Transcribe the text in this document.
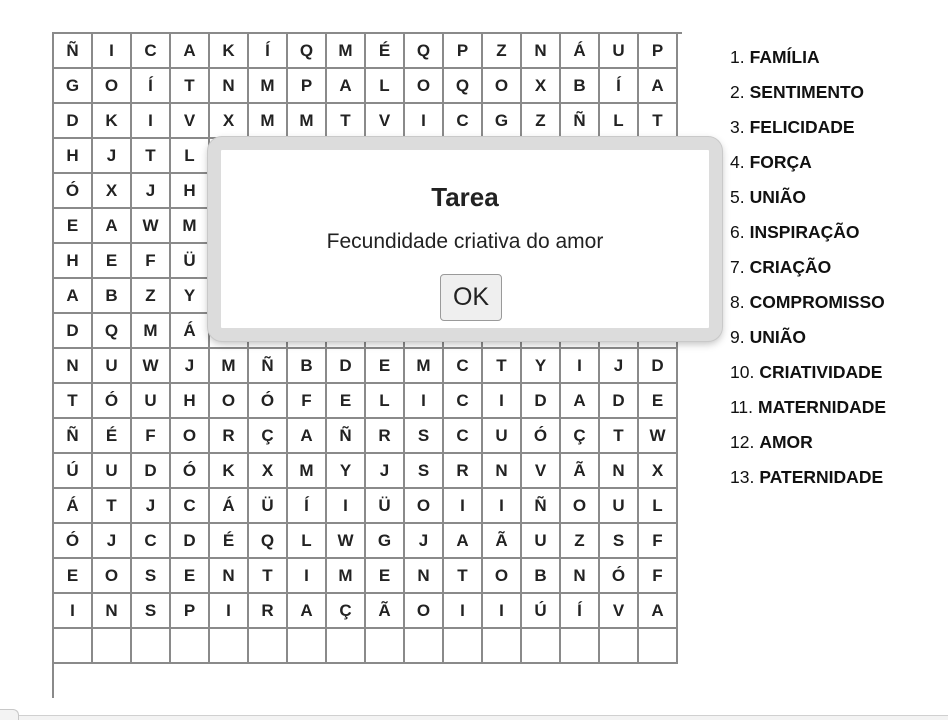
Ñ	I	C	A	K	Í	Q	M	É	Q	P	Z	N	Á	U	P
G	O	Í	T	N	M	P	A	L	O	Q	O	X	B	Í	A
D	K	I	V	X	M	M	T	V	I	C	G	Z	Ñ	L	T
H	J	T	L
Ó	X	J	H
E	A	W	M
H	E	F	Ü
A	B	Z	Y
D	Q	M	Á
N	U	W	J	M	Ñ	B	D	E	M	C	T	Y	I	J	D
T	Ó	U	H	O	Ó	F	E	L	I	C	I	D	A	D	E
Ñ	É	F	O	R	Ç	A	Ñ	R	S	C	U	Ó	Ç	T	W
Ú	U	D	Ó	K	X	M	Y	J	S	R	N	V	Ã	N	X
Á	T	J	C	Á	Ü	Í	I	Ü	O	I	I	Ñ	O	U	L
Ó	J	C	D	É	Q	L	W	G	J	A	Ã	U	Z	S	F
E	O	S	E	N	T	I	M	E	N	T	O	B	N	Ó	F
I	N	S	P	I	R	A	Ç	Ã	O	I	I	Ú	Í	V	A
1. FAMÍLIA
2. SENTIMENTO
3. FELICIDADE
4. FORÇA
5. UNIÃO
6. INSPIRAÇÃO
7. CRIAÇÃO
8. COMPROMISSO
9. UNIÃO
10. CRIATIVIDADE
11. MATERNIDADE
12. AMOR
13. PATERNIDADE
Tarea
Fecundidade criativa do amor
OK
